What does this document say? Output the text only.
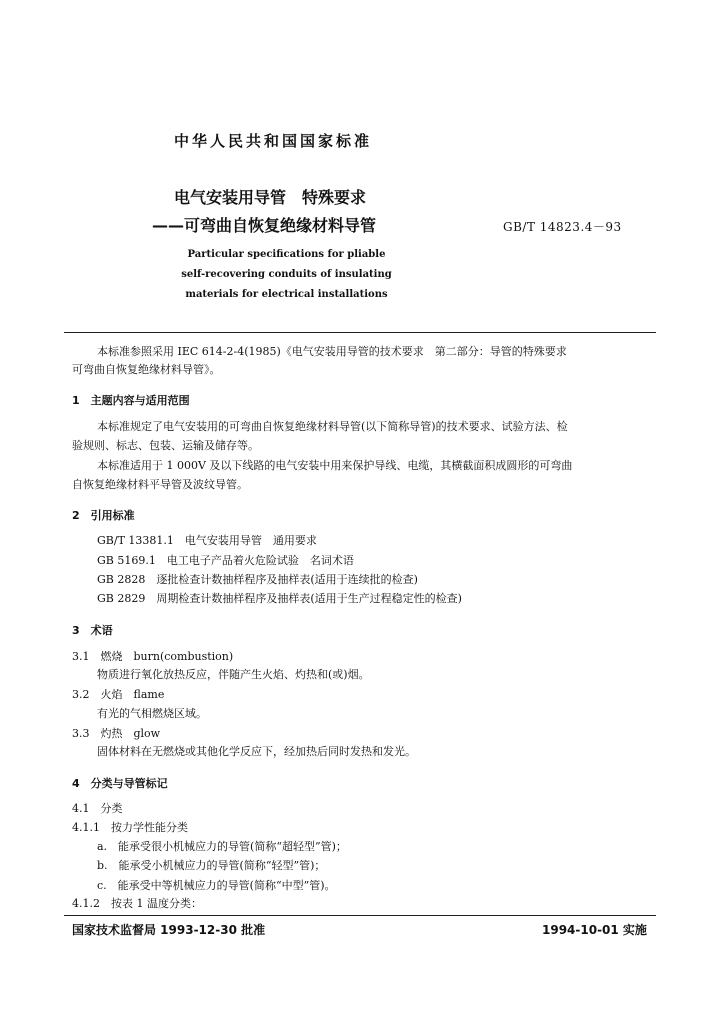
中华人民共和国国家标准
电气安装用导管　特殊要求
——可弯曲自恢复绝缘材料导管	GB/T 14823.4－93
Particular specifications for pliable
self-recovering conduits of insulating
materials for electrical installations
本标准参照采用 IEC 614-2-4(1985)《电气安装用导管的技术要求　第二部分：导管的特殊要求
可弯曲自恢复绝缘材料导管》。
1　主题内容与适用范围
本标准规定了电气安装用的可弯曲自恢复绝缘材料导管(以下简称导管)的技术要求、试验方法、检
验规则、标志、包装、运输及储存等。
本标准适用于 1 000V 及以下线路的电气安装中用来保护导线、电缆，其横截面积成圆形的可弯曲
自恢复绝缘材料平导管及波纹导管。
2　引用标准
GB/T 13381.1　电气安装用导管　通用要求
GB 5169.1　电工电子产品着火危险试验　名词术语
GB 2828　逐批检查计数抽样程序及抽样表(适用于连续批的检查)
GB 2829　周期检查计数抽样程序及抽样表(适用于生产过程稳定性的检查)
3　术语
3.1　燃烧　burn(combustion)
物质进行氧化放热反应，伴随产生火焰、灼热和(或)烟。
3.2　火焰　flame
有光的气相燃烧区域。
3.3　灼热　glow
固体材料在无燃烧或其他化学反应下，经加热后同时发热和发光。
4　分类与导管标记
4.1　分类
4.1.1　按力学性能分类
a.　能承受很小机械应力的导管(简称“超轻型”管)；
b.　能承受小机械应力的导管(简称“轻型”管)；
c.　能承受中等机械应力的导管(简称“中型”管)。
4.1.2　按表 1 温度分类：
国家技术监督局 1993-12-30 批准	1994-10-01 实施
